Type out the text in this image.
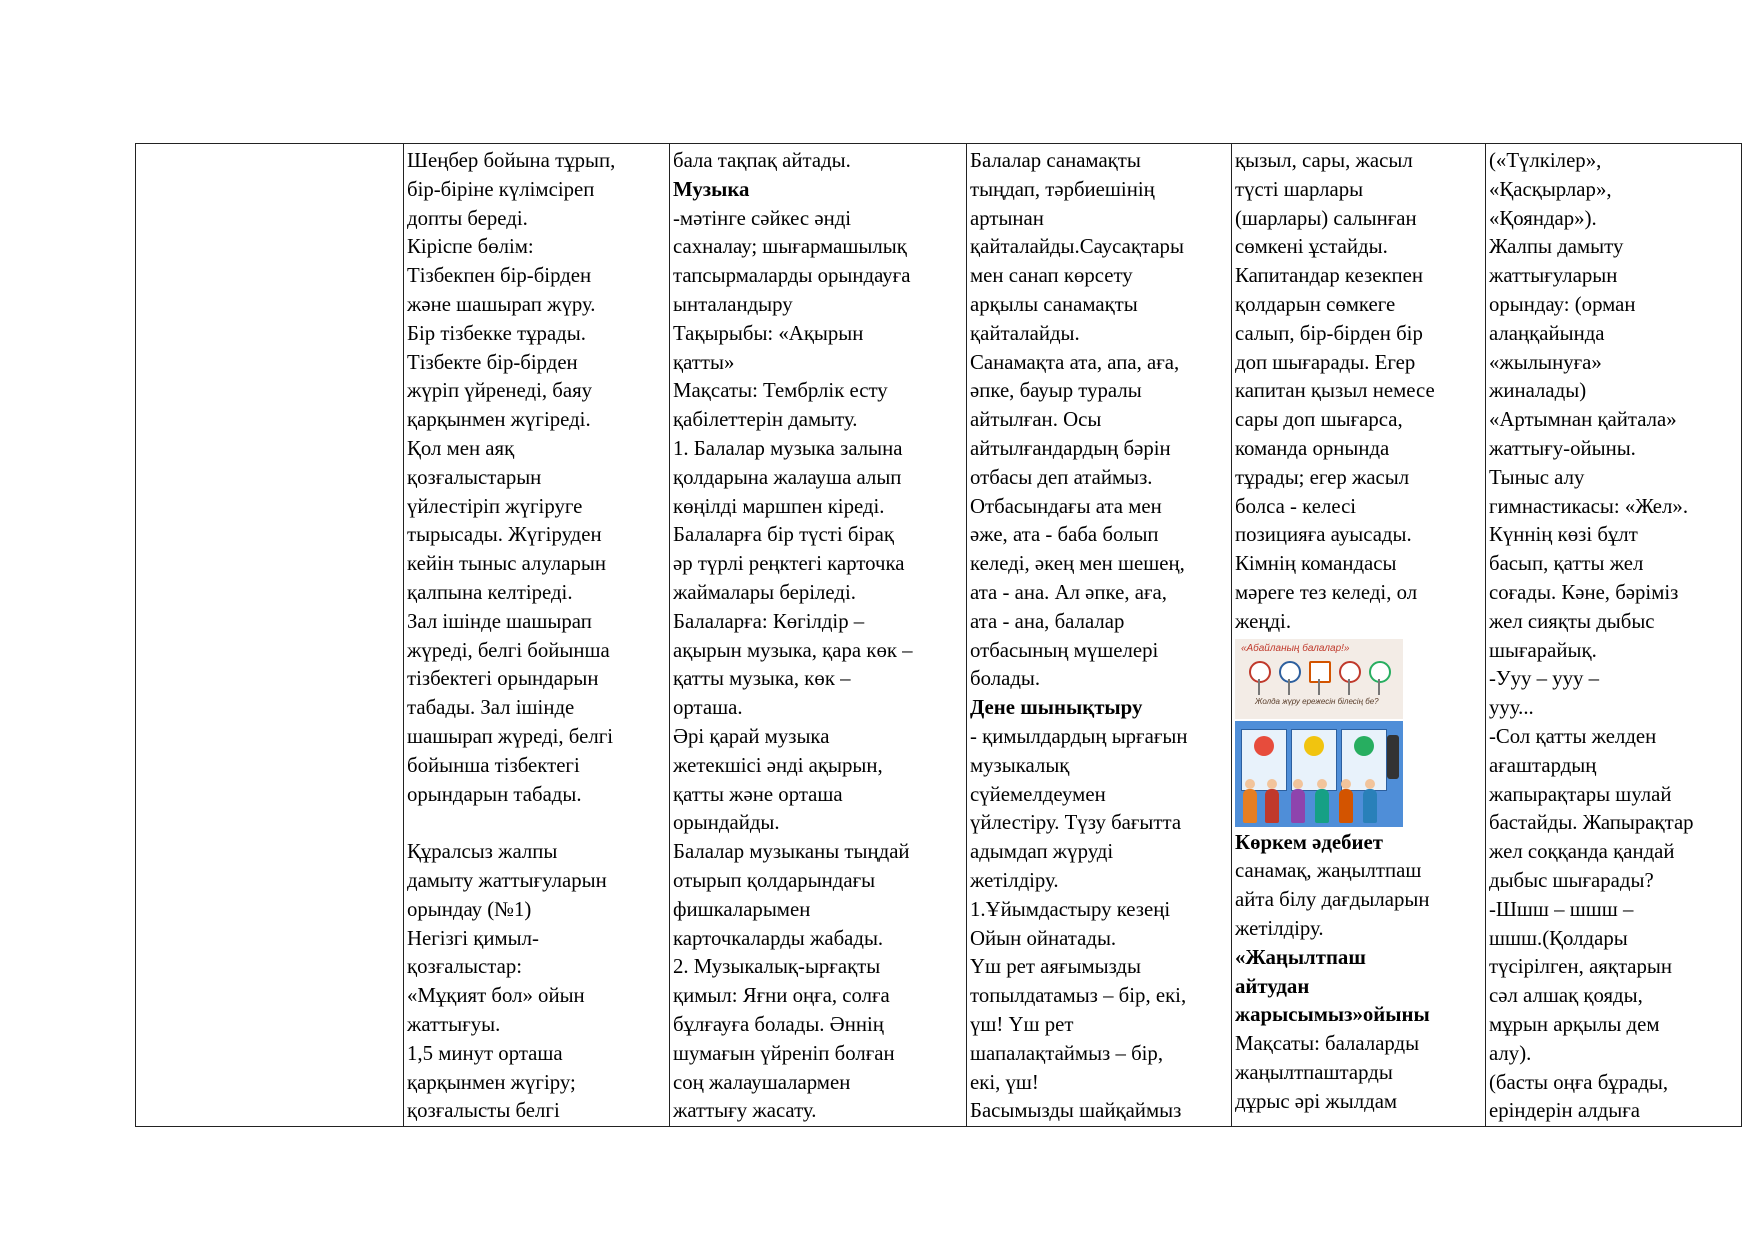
Шеңбер бойына тұрып,
бір-біріне күлімсіреп
допты береді.
Кіріспе бөлім:
Тізбекпен бір-бірден
және шашырап жүру.
Бір тізбекке тұрады.
Тізбекте бір-бірден
жүріп үйренеді, баяу
қарқынмен жүгіреді.
Қол мен аяқ
қозғалыстарын
үйлестіріп жүгіруге
тырысады. Жүгіруден
кейін тыныс алуларын
қалпына келтіреді.
Зал ішінде шашырап
жүреді, белгі бойынша
тізбектегі орындарын
табады. Зал ішінде
шашырап жүреді, белгі
бойынша тізбектегі
орындарын табады.
Құралсыз жалпы
дамыту жаттығуларын
орындау (№1)
Негізгі қимыл-
қозғалыстар:
«Мұқият бол» ойын
жаттығуы.
1,5 минут орташа
қарқынмен жүгіру;
қозғалысты белгі
бала тақпақ айтады.
Музыка
-мәтінге сәйкес әнді
сахналау; шығармашылық
тапсырмаларды орындауға
ынталандыру
Тақырыбы: «Ақырын
қатты»
Мақсаты: Тембрлік есту
қабілеттерін дамыту.
1. Балалар музыка залына
қолдарына жалауша алып
көңілді маршпен кіреді.
Балаларға бір түсті бірақ
әр түрлі реңктегі карточка
жаймалары беріледі.
Балаларға: Көгілдір –
ақырын музыка, қара көк –
қатты музыка, көк –
орташа.
Әрі қарай музыка
жетекшісі әнді ақырын,
қатты және орташа
орындайды.
Балалар музыканы тыңдай
отырып қолдарындағы
фишкаларымен
карточкаларды жабады.
2. Музыкалық-ырғақты
қимыл: Яғни оңға, солға
бұлғауға болады. Әннің
шумағын үйреніп болған
соң жалаушалармен
жаттығу жасату.
Балалар санамақты
тыңдап, тәрбиешінің
артынан
қайталайды.Саусақтары
мен санап көрсету
арқылы санамақты
қайталайды.
Санамақта ата, апа, аға,
әпке, бауыр туралы
айтылған. Осы
айтылғандардың бәрін
отбасы деп атаймыз.
Отбасындағы ата мен
әже, ата - баба болып
келеді, әкең мен шешең,
ата - ана. Ал әпке, аға,
ата - ана, балалар
отбасының мүшелері
болады.
Дене шынықтыру
- қимылдардың ырғағын
музыкалық
сүйемелдеумен
үйлестіру. Түзу бағытта
адымдап жүруді
жетілдіру.
1.Ұйымдастыру кезеңі
Ойын ойнатады.
Үш рет аяғымызды
топылдатамыз – бір, екі,
үш! Үш рет
шапалақтаймыз – бір,
екі, үш!
Басымызды шайқаймыз
қызыл, сары, жасыл
түсті шарлары
(шарлары) салынған
сөмкені ұстайды.
Капитандар кезекпен
қолдарын сөмкеге
салып, бір-бірден бір
доп шығарады. Егер
капитан қызыл немесе
сары доп шығарса,
команда орнында
тұрады; егер жасыл
болса - келесі
позицияға ауысады.
Кімнің командасы
мәреге тез келеді, ол
жеңді.
«Абайланың балалар!»
Жолда жүру ережесін білесің бе?
Көркем әдебиет
санамақ, жаңылтпаш
айта білу дағдыларын
жетілдіру.
«Жаңылтпаш
айтудан
жарысымыз»ойыны
Мақсаты: балаларды
жаңылтпаштарды
дұрыс әрі жылдам
(«Түлкілер»,
«Қасқырлар»,
«Қояндар»).
Жалпы дамыту
жаттығуларын
орындау: (орман
алаңқайында
«жылынуға»
жиналады)
«Артымнан қайтала»
жаттығу-ойыны.
Тыныс алу
гимнастикасы: «Жел».
Күннің көзі бұлт
басып, қатты жел
соғады. Кәне, бәріміз
жел сияқты дыбыс
шығарайық.
-Ууу – ууу –
ууу...
-Сол қатты желден
ағаштардың
жапырақтары шулай
бастайды. Жапырақтар
жел соққанда қандай
дыбыс шығарады?
-Шшш – шшш –
шшш.(Қолдары
түсірілген, аяқтарын
сәл алшақ қояды,
мұрын арқылы дем
алу).
(басты оңға бұрады,
еріндерін алдыға
